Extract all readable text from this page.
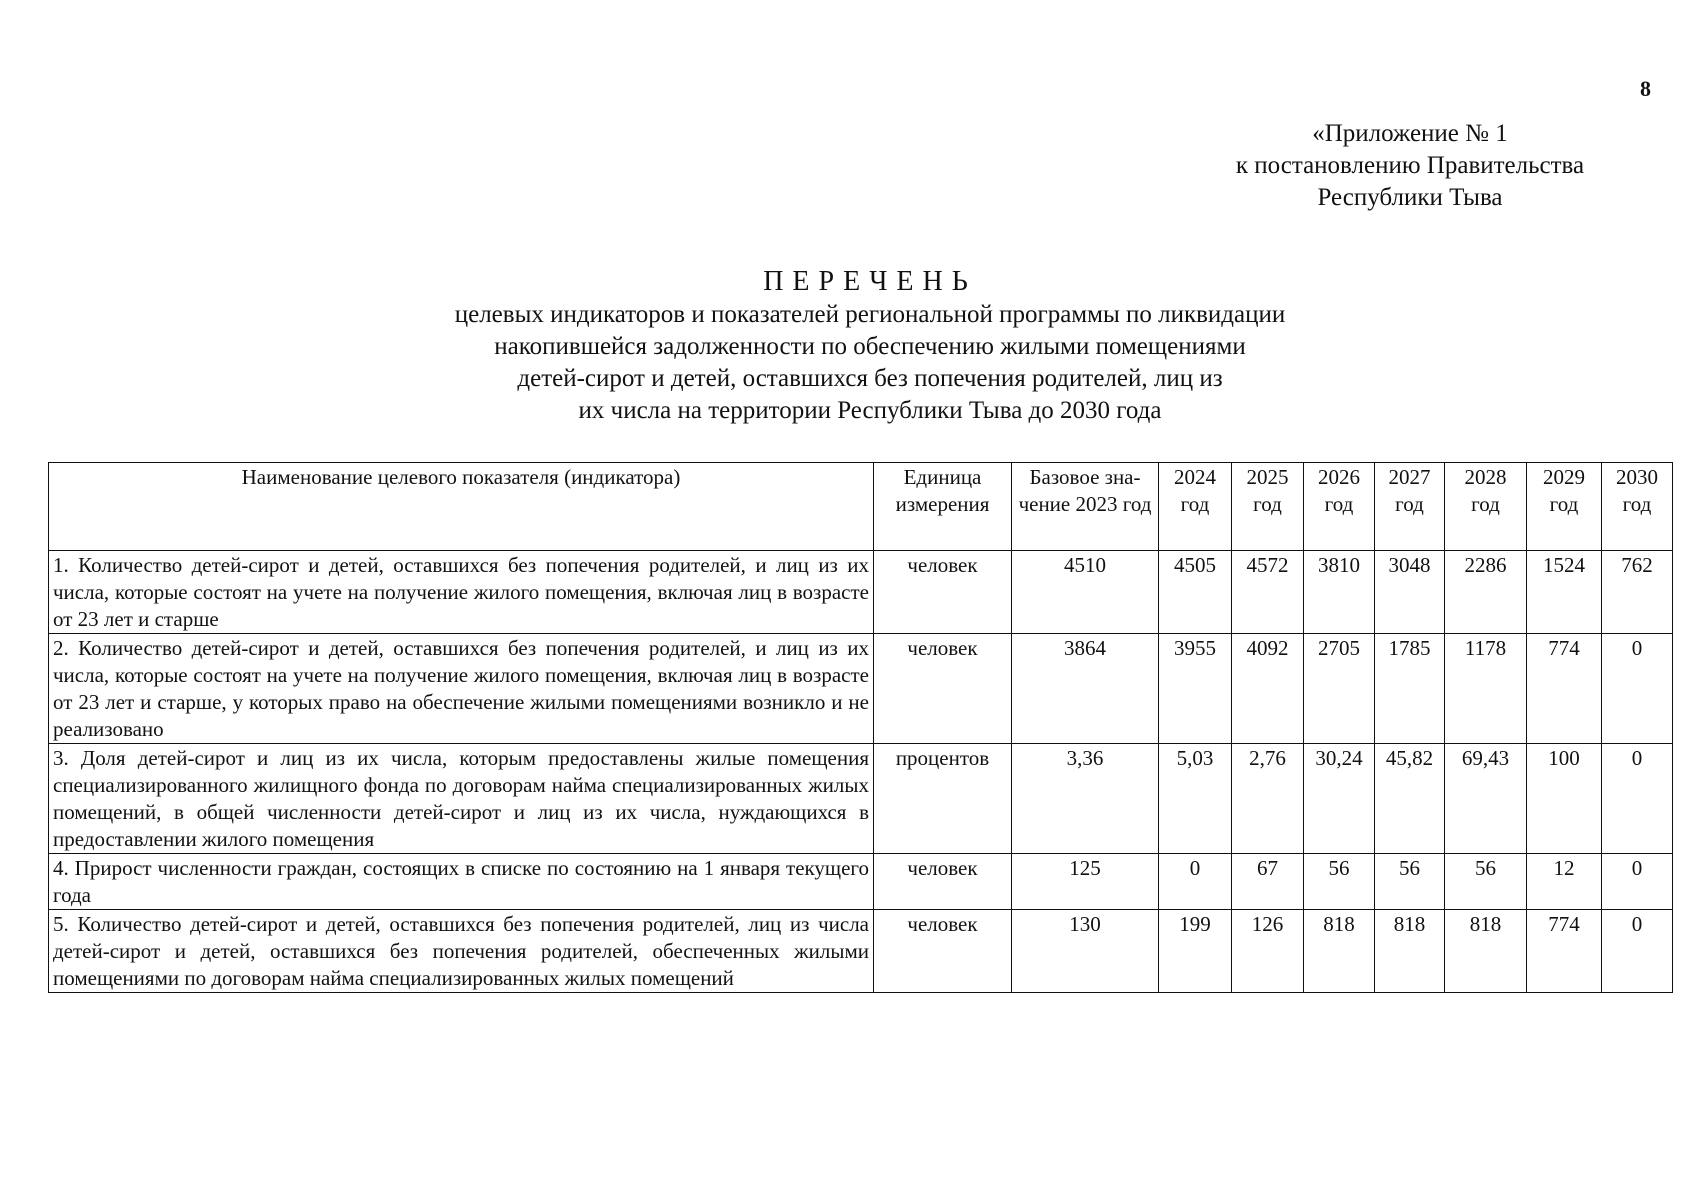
8
«Приложение № 1
к постановлению Правительства
Республики Тыва
ПЕРЕЧЕНЬ
целевых индикаторов и показателей региональной программы по ликвидации
накопившейся задолженности по обеспечению жилыми помещениями
детей-сирот и детей, оставшихся без попечения родителей, лиц из
их числа на территории Республики Тыва до 2030 года
Наименование целевого показателя (индикатора)	Единица измерения	Базовое зна-чение 2023 год	2024 год	2025 год	2026 год	2027 год	2028 год	2029 год	2030 год
1. Количество детей-сирот и детей, оставшихся без попечения родителей, и лиц из их числа, которые состоят на учете на получение жилого помещения, включая лиц в возрасте от 23 лет и старше	человек	4510	4505	4572	3810	3048	2286	1524	762
2. Количество детей-сирот и детей, оставшихся без попечения родителей, и лиц из их числа, которые состоят на учете на получение жилого помещения, включая лиц в возрасте от 23 лет и старше, у которых право на обеспечение жилыми помещениями возникло и не реализовано	человек	3864	3955	4092	2705	1785	1178	774	0
3. Доля детей-сирот и лиц из их числа, которым предоставлены жилые помещения специализированного жилищного фонда по договорам найма специализированных жилых помещений, в общей численности детей-сирот и лиц из их числа, нуждающихся в предоставлении жилого помещения	процентов	3,36	5,03	2,76	30,24	45,82	69,43	100	0
4. Прирост численности граждан, состоящих в списке по состоянию на 1 января текущего года	человек	125	0	67	56	56	56	12	0
5. Количество детей-сирот и детей, оставшихся без попечения родителей, лиц из числа детей-сирот и детей, оставшихся без попечения родителей, обеспеченных жилыми помещениями по договорам найма специализированных жилых помещений	человек	130	199	126	818	818	818	774	0
